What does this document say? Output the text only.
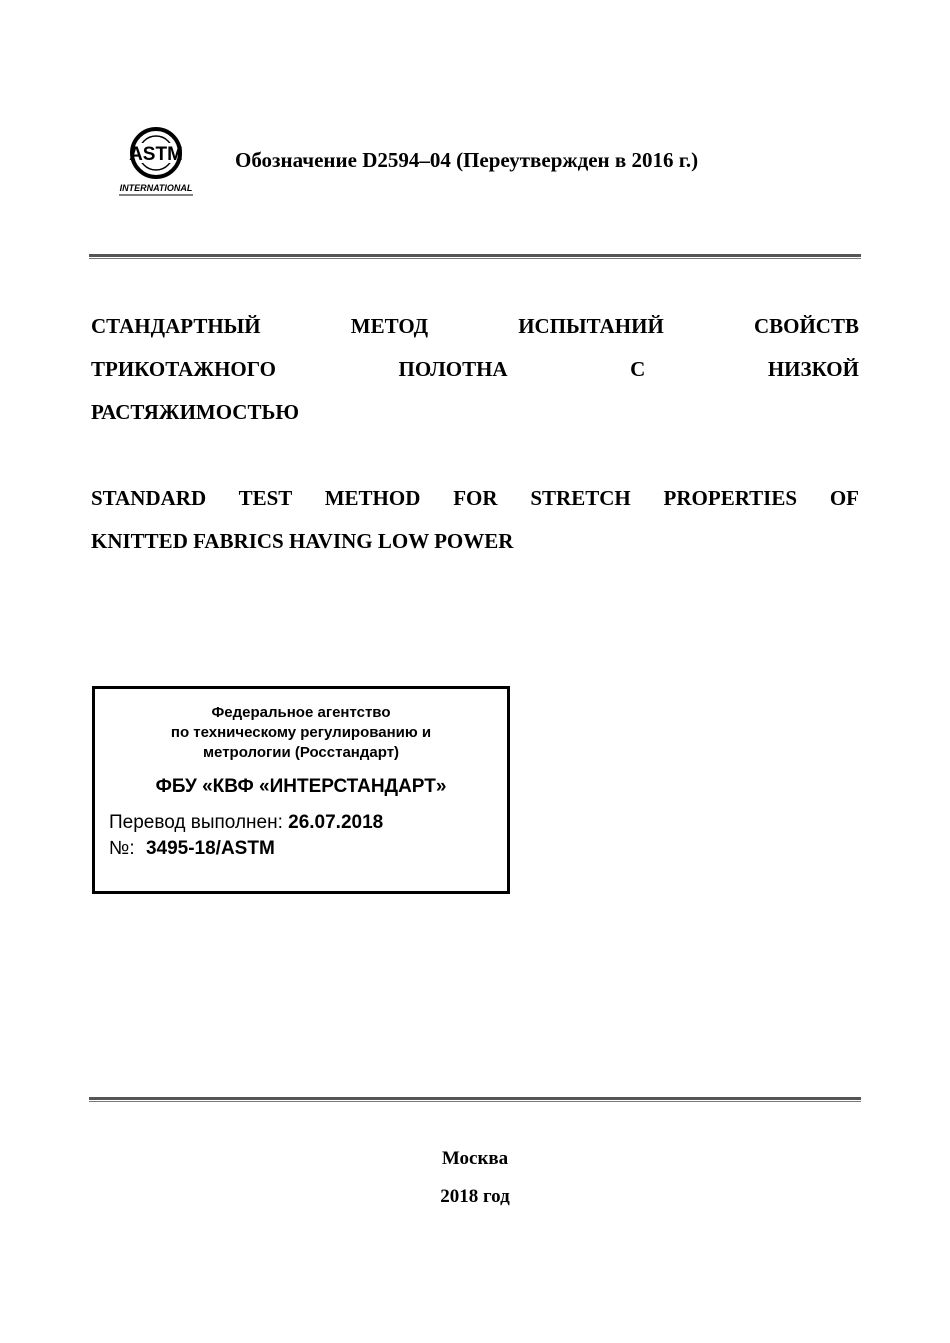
ASTM
INTERNATIONAL
Обозначение D2594–04 (Переутвержден в 2016 г.)
СТАНДАРТНЫЙ	МЕТОД	ИСПЫТАНИЙ	СВОЙСТВ
ТРИКОТАЖНОГО	ПОЛОТНА	С	НИЗКОЙ
РАСТЯЖИМОСТЬЮ
STANDARD TEST METHOD FOR STRETCH PROPERTIES OF
KNITTED FABRICS HAVING LOW POWER
Федеральное агентство
по техническому регулированию и
метрологии (Росстандарт)
ФБУ «КВФ «ИНТЕРСТАНДАРТ»
Перевод выполнен: 26.07.2018
№: 3495-18/ASTM
Москва
2018 год
